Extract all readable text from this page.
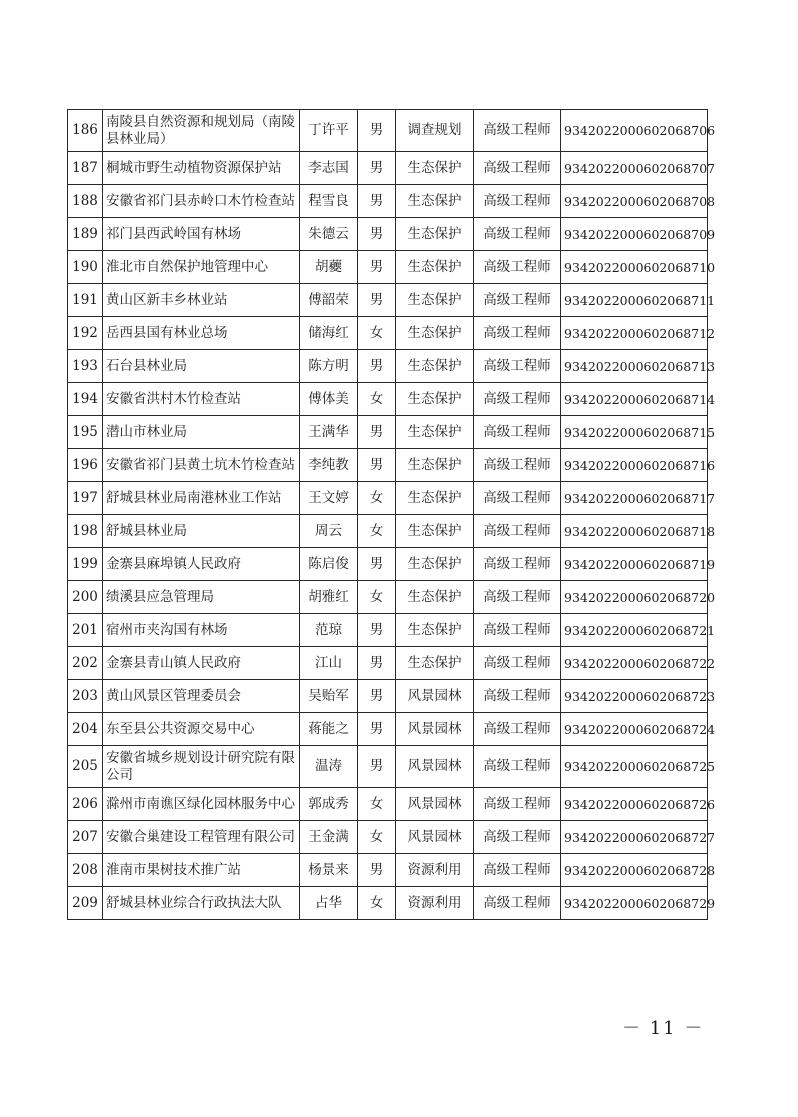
186	南陵县自然资源和规划局（南陵县林业局）	丁许平	男	调查规划	高级工程师	9342022000602068706
187	桐城市野生动植物资源保护站	李志国	男	生态保护	高级工程师	9342022000602068707
188	安徽省祁门县赤岭口木竹检查站	程雪良	男	生态保护	高级工程师	9342022000602068708
189	祁门县西武岭国有林场	朱德云	男	生态保护	高级工程师	9342022000602068709
190	淮北市自然保护地管理中心	胡虁	男	生态保护	高级工程师	9342022000602068710
191	黄山区新丰乡林业站	傅韶荣	男	生态保护	高级工程师	9342022000602068711
192	岳西县国有林业总场	储海红	女	生态保护	高级工程师	9342022000602068712
193	石台县林业局	陈方明	男	生态保护	高级工程师	9342022000602068713
194	安徽省洪村木竹检查站	傅体美	女	生态保护	高级工程师	9342022000602068714
195	潜山市林业局	王满华	男	生态保护	高级工程师	9342022000602068715
196	安徽省祁门县黄土坑木竹检查站	李纯教	男	生态保护	高级工程师	9342022000602068716
197	舒城县林业局南港林业工作站	王文婷	女	生态保护	高级工程师	9342022000602068717
198	舒城县林业局	周云	女	生态保护	高级工程师	9342022000602068718
199	金寨县麻埠镇人民政府	陈启俊	男	生态保护	高级工程师	9342022000602068719
200	绩溪县应急管理局	胡雅红	女	生态保护	高级工程师	9342022000602068720
201	宿州市夹沟国有林场	范琼	男	生态保护	高级工程师	9342022000602068721
202	金寨县青山镇人民政府	江山	男	生态保护	高级工程师	9342022000602068722
203	黄山风景区管理委员会	吴贻军	男	风景园林	高级工程师	9342022000602068723
204	东至县公共资源交易中心	蒋能之	男	风景园林	高级工程师	9342022000602068724
205	安徽省城乡规划设计研究院有限公司	温涛	男	风景园林	高级工程师	9342022000602068725
206	滁州市南谯区绿化园林服务中心	郭成秀	女	风景园林	高级工程师	9342022000602068726
207	安徽合巢建设工程管理有限公司	王金满	女	风景园林	高级工程师	9342022000602068727
208	淮南市果树技术推广站	杨景来	男	资源利用	高级工程师	9342022000602068728
209	舒城县林业综合行政执法大队	占华	女	资源利用	高级工程师	9342022000602068729
－ 11 －
